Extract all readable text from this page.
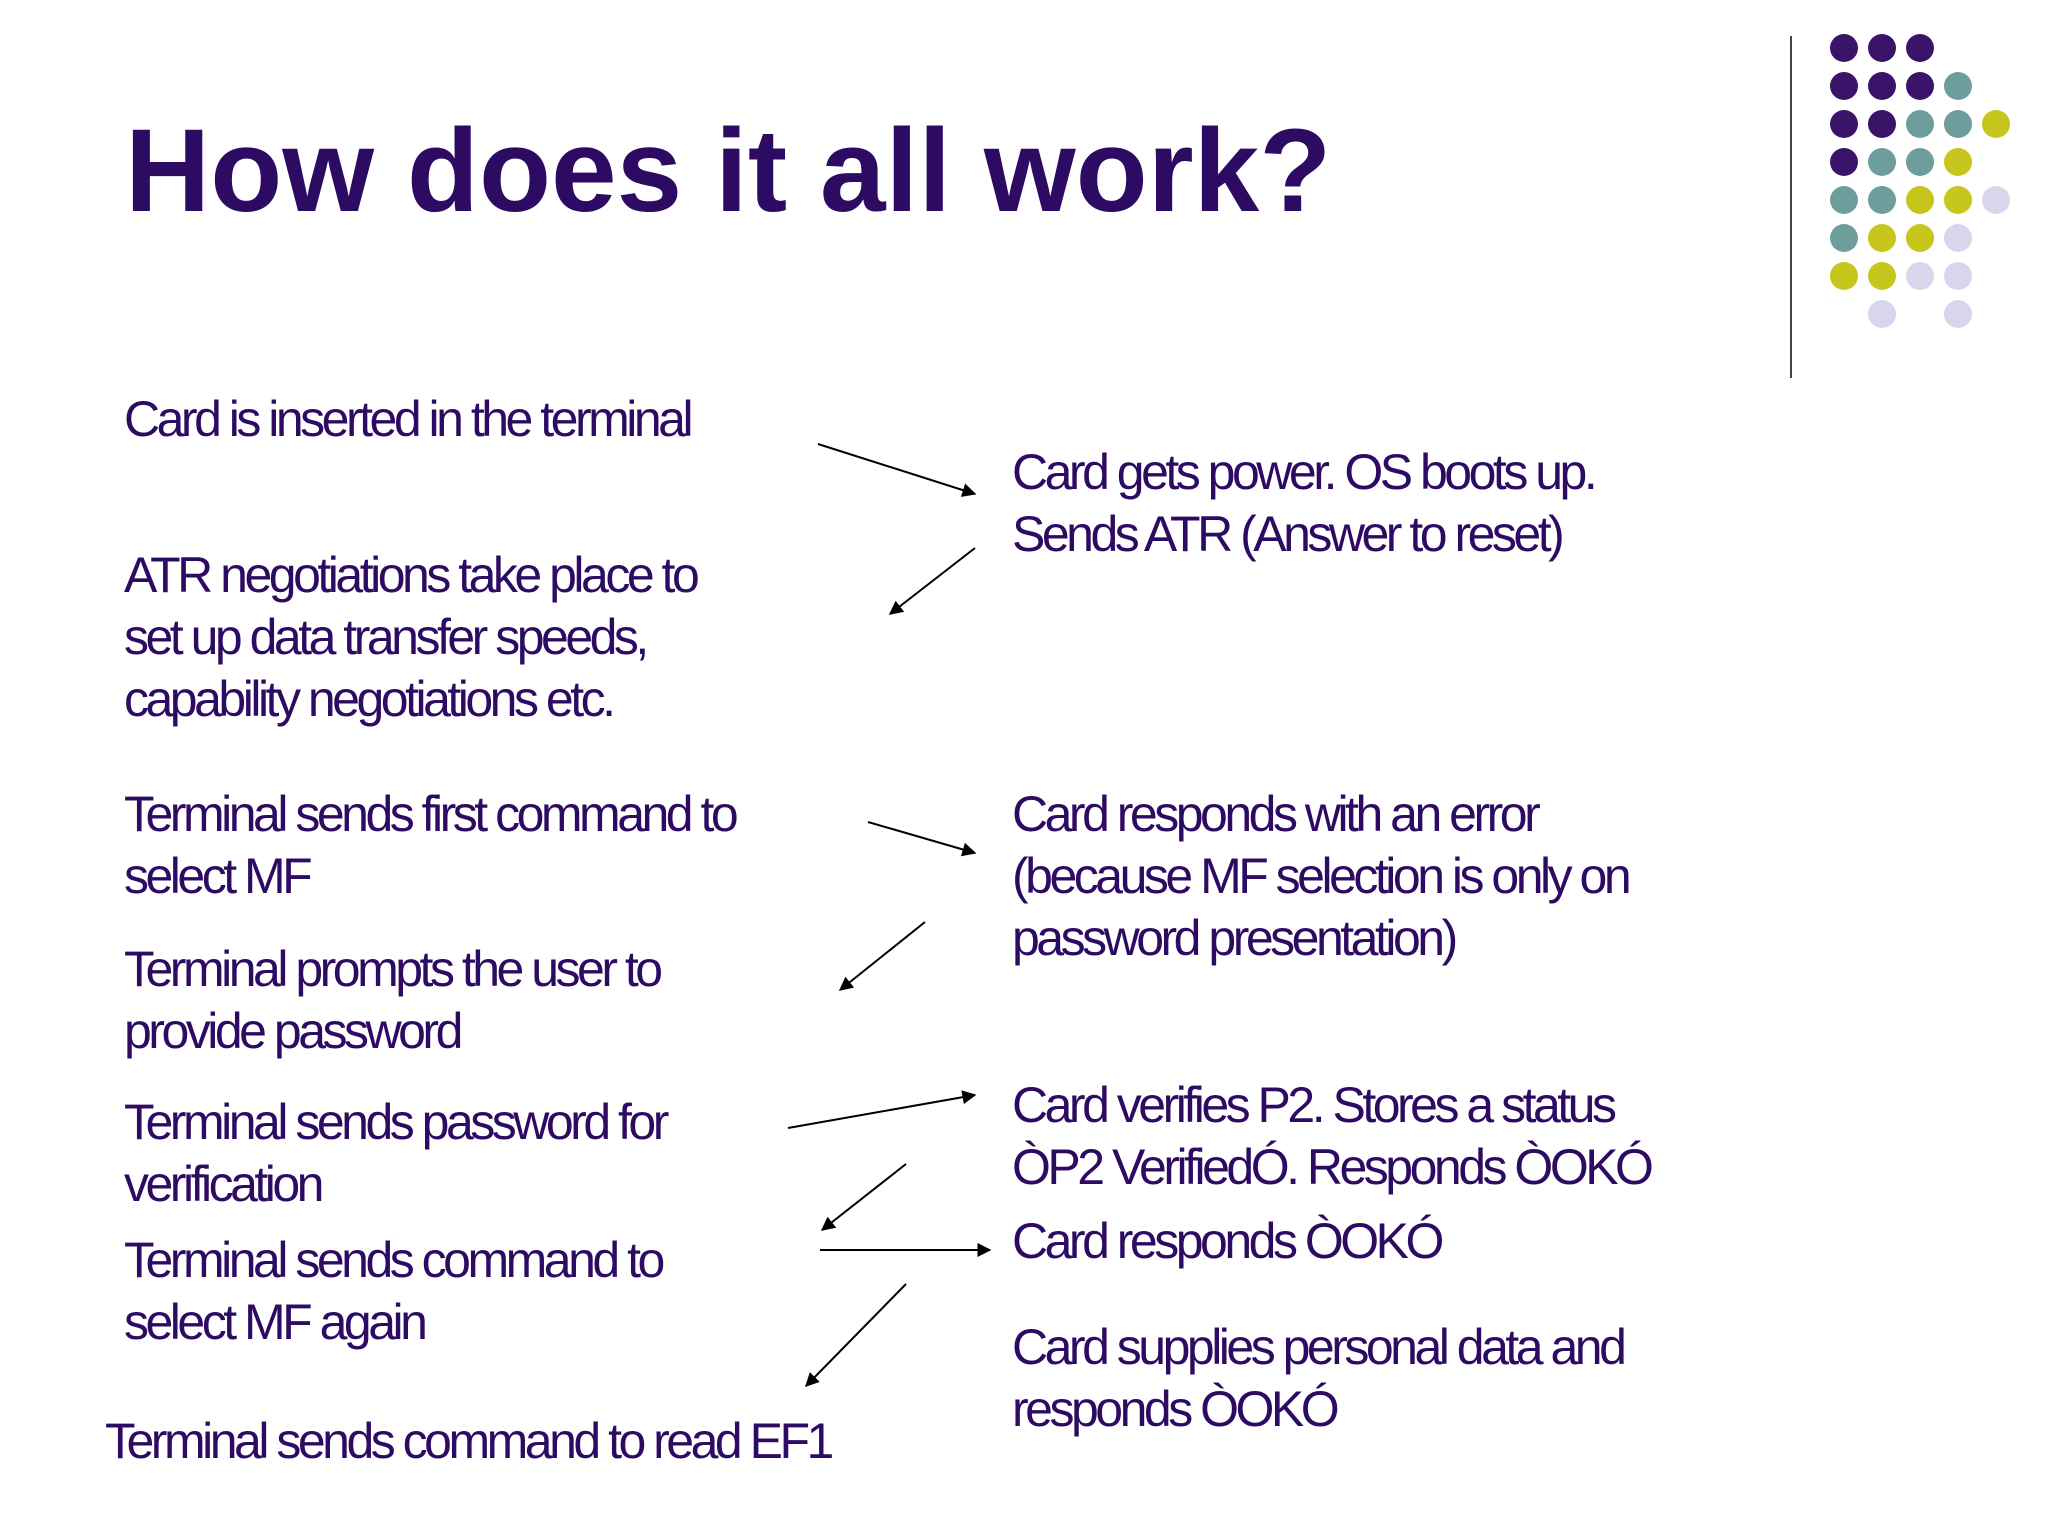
How does it all work?
Card is inserted in the terminal
ATR negotiations take place to
set up data transfer speeds,
capability negotiations etc.
Terminal sends first command to
select MF
Terminal prompts the user to
provide password
Terminal sends password for
verification
Terminal sends command to
select MF again
Terminal sends command to read EF1
Card gets power. OS boots up.
Sends ATR (Answer to reset)
Card responds with an error
(because MF selection is only on
password presentation)
Card verifies P2. Stores a status
ÒP2 VerifiedÓ. Responds ÒOKÓ
Card responds ÒOKÓ
Card supplies personal data and
responds ÒOKÓ
